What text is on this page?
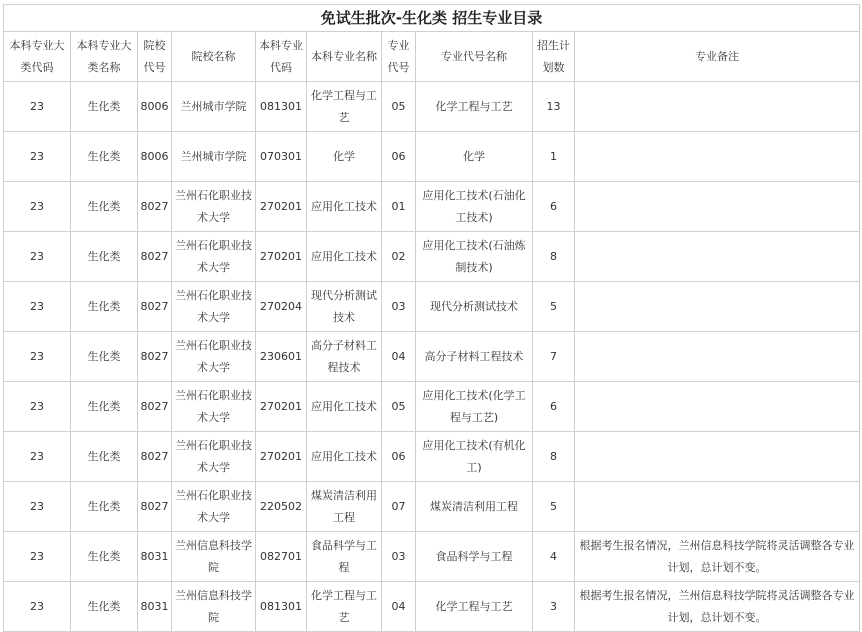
免试生批次-生化类 招生专业目录									
本科专业大类代码	本科专业大类名称	院校代号	院校名称	本科专业代码	本科专业名称	专业代号	专业代号名称	招生计划数	专业备注
23	生化类	8006	兰州城市学院	081301	化学工程与工艺	05	化学工程与工艺	13	
23	生化类	8006	兰州城市学院	070301	化学	06	化学	1	
23	生化类	8027	兰州石化职业技术大学	270201	应用化工技术	01	应用化工技术(石油化工技术)	6	
23	生化类	8027	兰州石化职业技术大学	270201	应用化工技术	02	应用化工技术(石油炼制技术)	8	
23	生化类	8027	兰州石化职业技术大学	270204	现代分析测试技术	03	现代分析测试技术	5	
23	生化类	8027	兰州石化职业技术大学	230601	高分子材料工程技术	04	高分子材料工程技术	7	
23	生化类	8027	兰州石化职业技术大学	270201	应用化工技术	05	应用化工技术(化学工程与工艺)	6	
23	生化类	8027	兰州石化职业技术大学	270201	应用化工技术	06	应用化工技术(有机化工)	8	
23	生化类	8027	兰州石化职业技术大学	220502	煤炭清洁利用工程	07	煤炭清洁利用工程	5	
23	生化类	8031	兰州信息科技学院	082701	食品科学与工程	03	食品科学与工程	4	根据考生报名情况，兰州信息科技学院将灵活调整各专业计划，总计划不变。
23	生化类	8031	兰州信息科技学院	081301	化学工程与工艺	04	化学工程与工艺	3	根据考生报名情况，兰州信息科技学院将灵活调整各专业计划，总计划不变。
